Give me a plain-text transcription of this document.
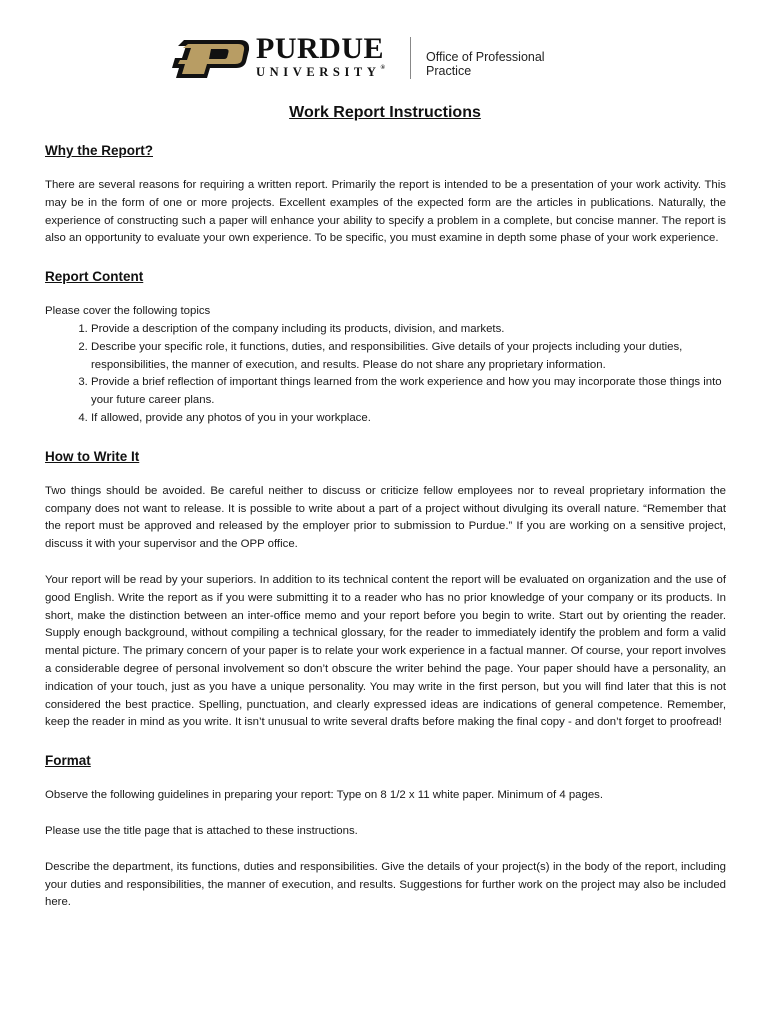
PURDUE
UNIVERSITY®
Office of Professional Practice
Work Report Instructions
Why the Report?

There are several reasons for requiring a written report. Primarily the report is intended to be a presentation of your work activity. This may be in the form of one or more projects. Excellent examples of the expected form are the articles in publications. Naturally, the experience of constructing such a paper will enhance your ability to specify a problem in a complete, but concise manner. The report is also an opportunity to evaluate your own experience. To be specific, you must examine in depth some phase of your work experience.

Report Content

Please cover the following topics

1. Provide a description of the company including its products, division, and markets.
2. Describe your specific role, it functions, duties, and responsibilities. Give details of your projects including your duties, responsibilities, the manner of execution, and results. Please do not share any proprietary information.
3. Provide a brief reflection of important things learned from the work experience and how you may incorporate those things into your future career plans.
4. If allowed, provide any photos of you in your workplace.
How to Write It

Two things should be avoided. Be careful neither to discuss or criticize fellow employees nor to reveal proprietary information the company does not want to release. It is possible to write about a part of a project without divulging its overall nature. “Remember that the report must be approved and released by the employer prior to submission to Purdue.” If you are working on a sensitive project, discuss it with your supervisor and the OPP office.

Your report will be read by your superiors. In addition to its technical content the report will be evaluated on organization and the use of good English. Write the report as if you were submitting it to a reader who has no prior knowledge of your company or its products. In short, make the distinction between an inter-office memo and your report before you begin to write. Start out by orienting the reader. Supply enough background, without compiling a technical glossary, for the reader to immediately identify the problem and form a valid mental picture. The primary concern of your paper is to relate your work experience in a factual manner. Of course, your report involves a considerable degree of personal involvement so don’t obscure the writer behind the page. Your paper should have a personality, an indication of your touch, just as you have a unique personality. You may write in the first person, but you will find later that this is not considered the best practice. Spelling, punctuation, and clearly expressed ideas are indications of general competence. Remember, keep the reader in mind as you write. It isn’t unusual to write several drafts before making the final copy - and don’t forget to proofread!

Format

Observe the following guidelines in preparing your report: Type on 8 1/2 x 11 white paper. Minimum of 4 pages.

Please use the title page that is attached to these instructions.

Describe the department, its functions, duties and responsibilities. Give the details of your project(s) in the body of the report, including your duties and responsibilities, the manner of execution, and results. Suggestions for further work on the project may also be included here.
